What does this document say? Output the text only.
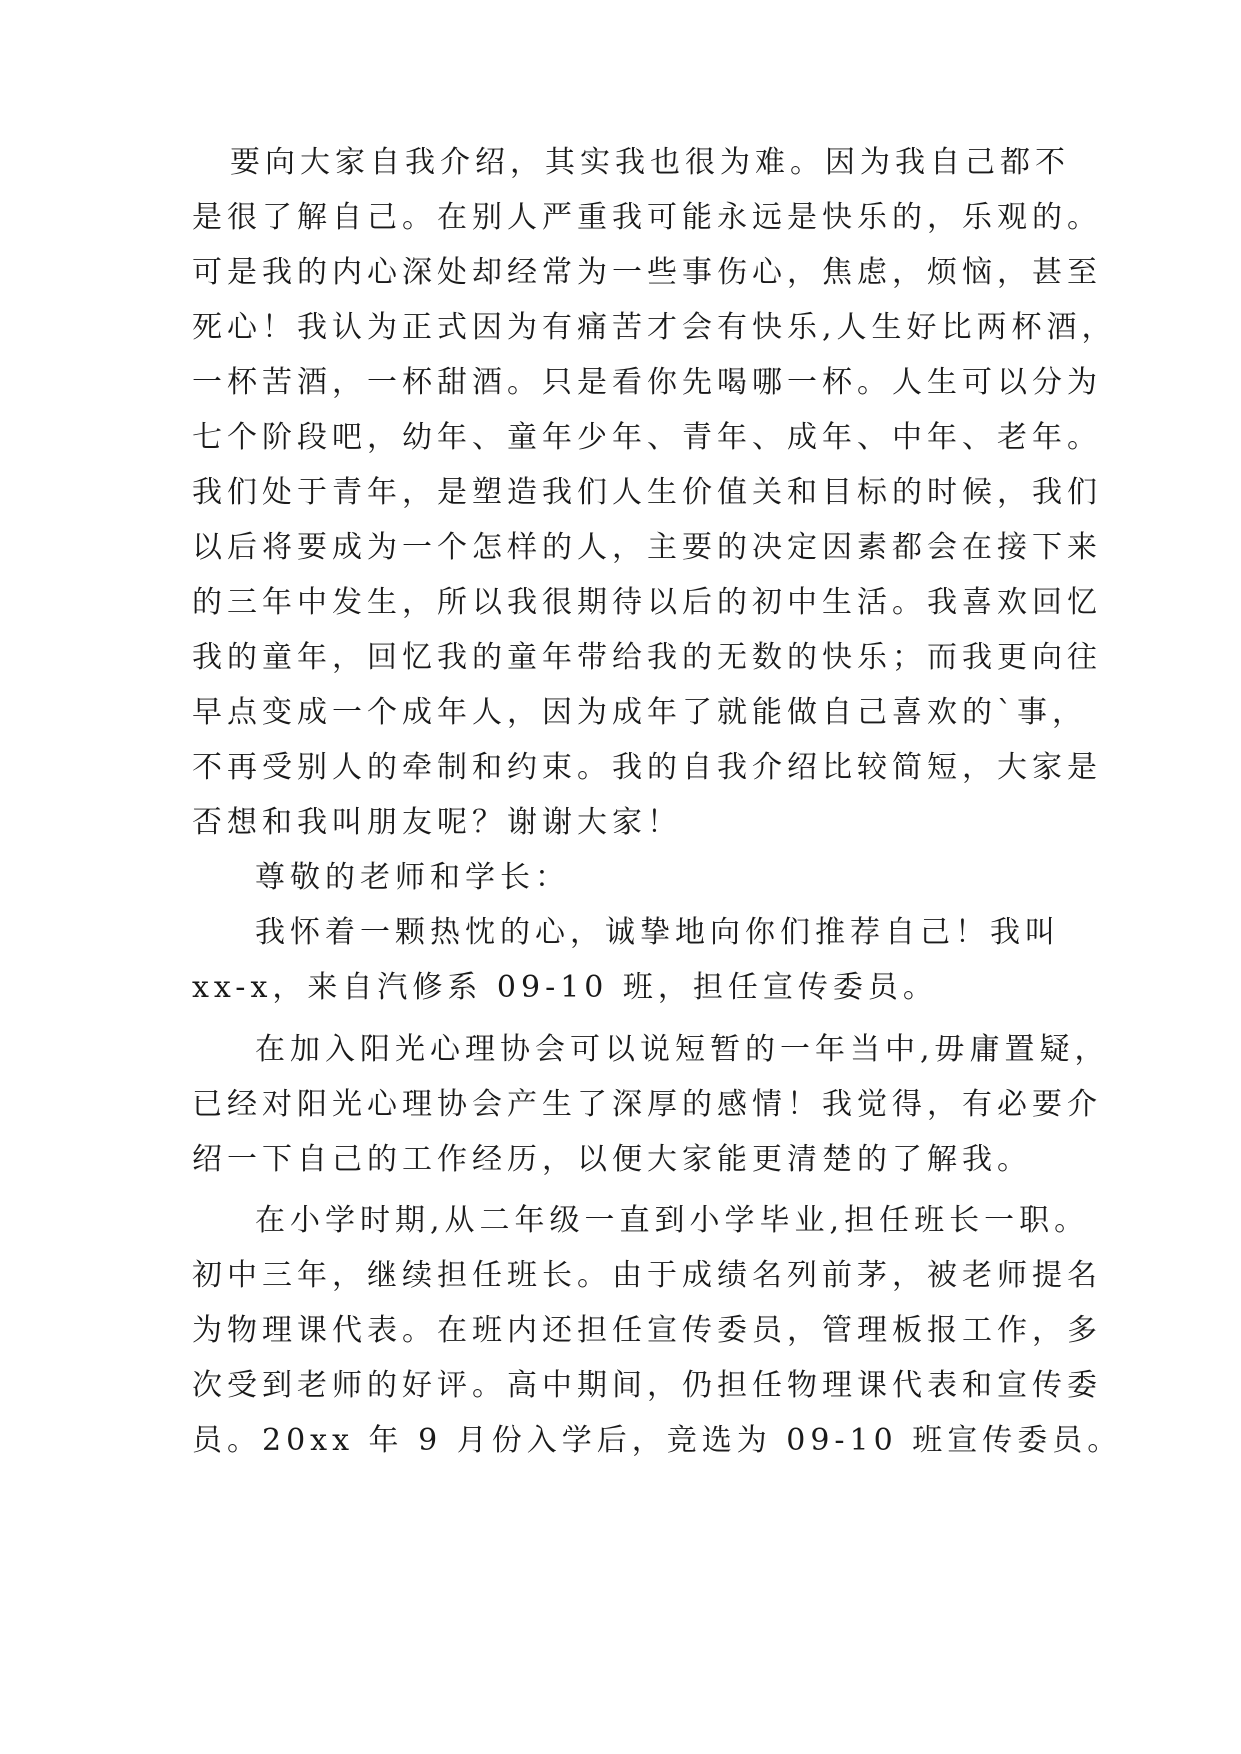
要向大家自我介绍，其实我也很为难。因为我自己都不
是很了解自己。在别人严重我可能永远是快乐的，乐观的。
可是我的内心深处却经常为一些事伤心，焦虑，烦恼，甚至
死心！我认为正式因为有痛苦才会有快乐,人生好比两杯酒，
一杯苦酒，一杯甜酒。只是看你先喝哪一杯。人生可以分为
七个阶段吧，幼年、童年少年、青年、成年、中年、老年。
我们处于青年，是塑造我们人生价值关和目标的时候，我们
以后将要成为一个怎样的人，主要的决定因素都会在接下来
的三年中发生，所以我很期待以后的初中生活。我喜欢回忆
我的童年，回忆我的童年带给我的无数的快乐；而我更向往
早点变成一个成年人，因为成年了就能做自己喜欢的`事，
不再受别人的牵制和约束。我的自我介绍比较简短，大家是
否想和我叫朋友呢？谢谢大家！
尊敬的老师和学长：
我怀着一颗热忱的心，诚挚地向你们推荐自己！我叫
xx-x，来自汽修系 09-10 班，担任宣传委员。
在加入阳光心理协会可以说短暂的一年当中,毋庸置疑，
已经对阳光心理协会产生了深厚的感情！我觉得，有必要介
绍一下自己的工作经历，以便大家能更清楚的了解我。
在小学时期,从二年级一直到小学毕业,担任班长一职。
初中三年，继续担任班长。由于成绩名列前茅，被老师提名
为物理课代表。在班内还担任宣传委员，管理板报工作，多
次受到老师的好评。高中期间，仍担任物理课代表和宣传委
员。20xx 年 9 月份入学后，竞选为 09-10 班宣传委员。
